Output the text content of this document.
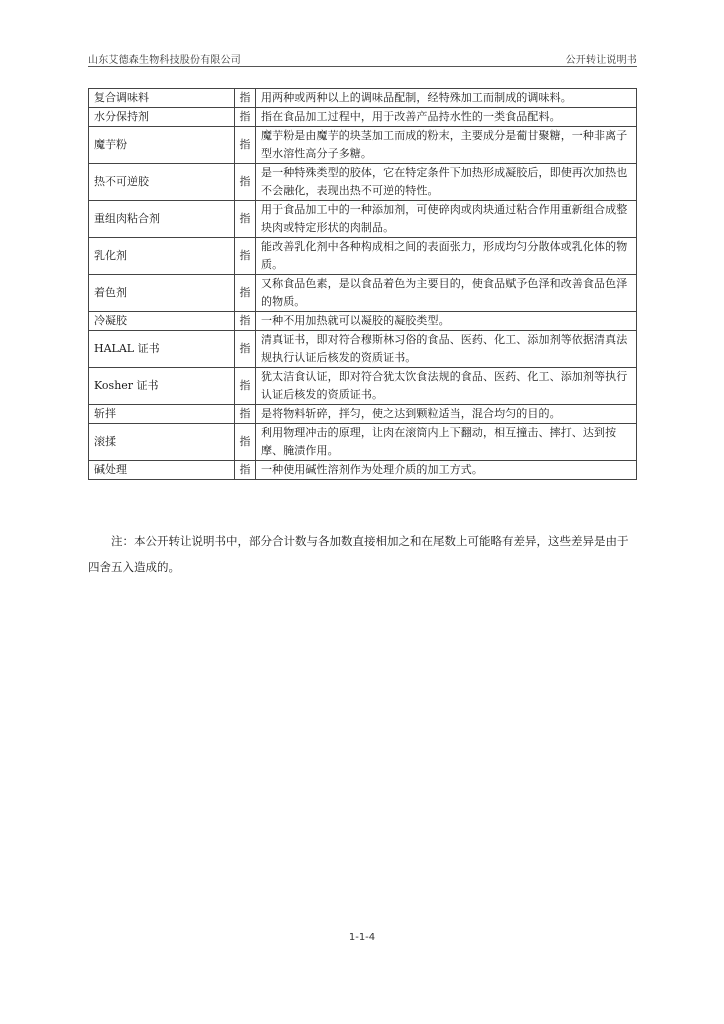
山东艾德森生物科技股份有限公司	公开转让说明书
复合调味料	指	用两种或两种以上的调味品配制，经特殊加工而制成的调味料。
水分保持剂	指	指在食品加工过程中，用于改善产品持水性的一类食品配料。
魔芋粉	指	魔芋粉是由魔芋的块茎加工而成的粉末，主要成分是葡甘聚糖，一种非离子型水溶性高分子多糖。
热不可逆胶	指	是一种特殊类型的胶体，它在特定条件下加热形成凝胶后，即使再次加热也不会融化，表现出热不可逆的特性。
重组肉粘合剂	指	用于食品加工中的一种添加剂，可使碎肉或肉块通过粘合作用重新组合成整块肉或特定形状的肉制品。
乳化剂	指	能改善乳化剂中各种构成相之间的表面张力，形成均匀分散体或乳化体的物质。
着色剂	指	又称食品色素，是以食品着色为主要目的，使食品赋予色泽和改善食品色泽的物质。
冷凝胶	指	一种不用加热就可以凝胶的凝胶类型。
HALAL 证书	指	清真证书，即对符合穆斯林习俗的食品、医药、化工、添加剂等依据清真法规执行认证后核发的资质证书。
Kosher 证书	指	犹太洁食认证，即对符合犹太饮食法规的食品、医药、化工、添加剂等执行认证后核发的资质证书。
斩拌	指	是将物料斩碎，拌匀，使之达到颗粒适当，混合均匀的目的。
滚揉	指	利用物理冲击的原理，让肉在滚筒内上下翻动，相互撞击、摔打、达到按摩、腌渍作用。
碱处理	指	一种使用碱性溶剂作为处理介质的加工方式。

注：本公开转让说明书中，部分合计数与各加数直接相加之和在尾数上可能略有差异，这些差异是由于四舍五入造成的。

1-1-4
